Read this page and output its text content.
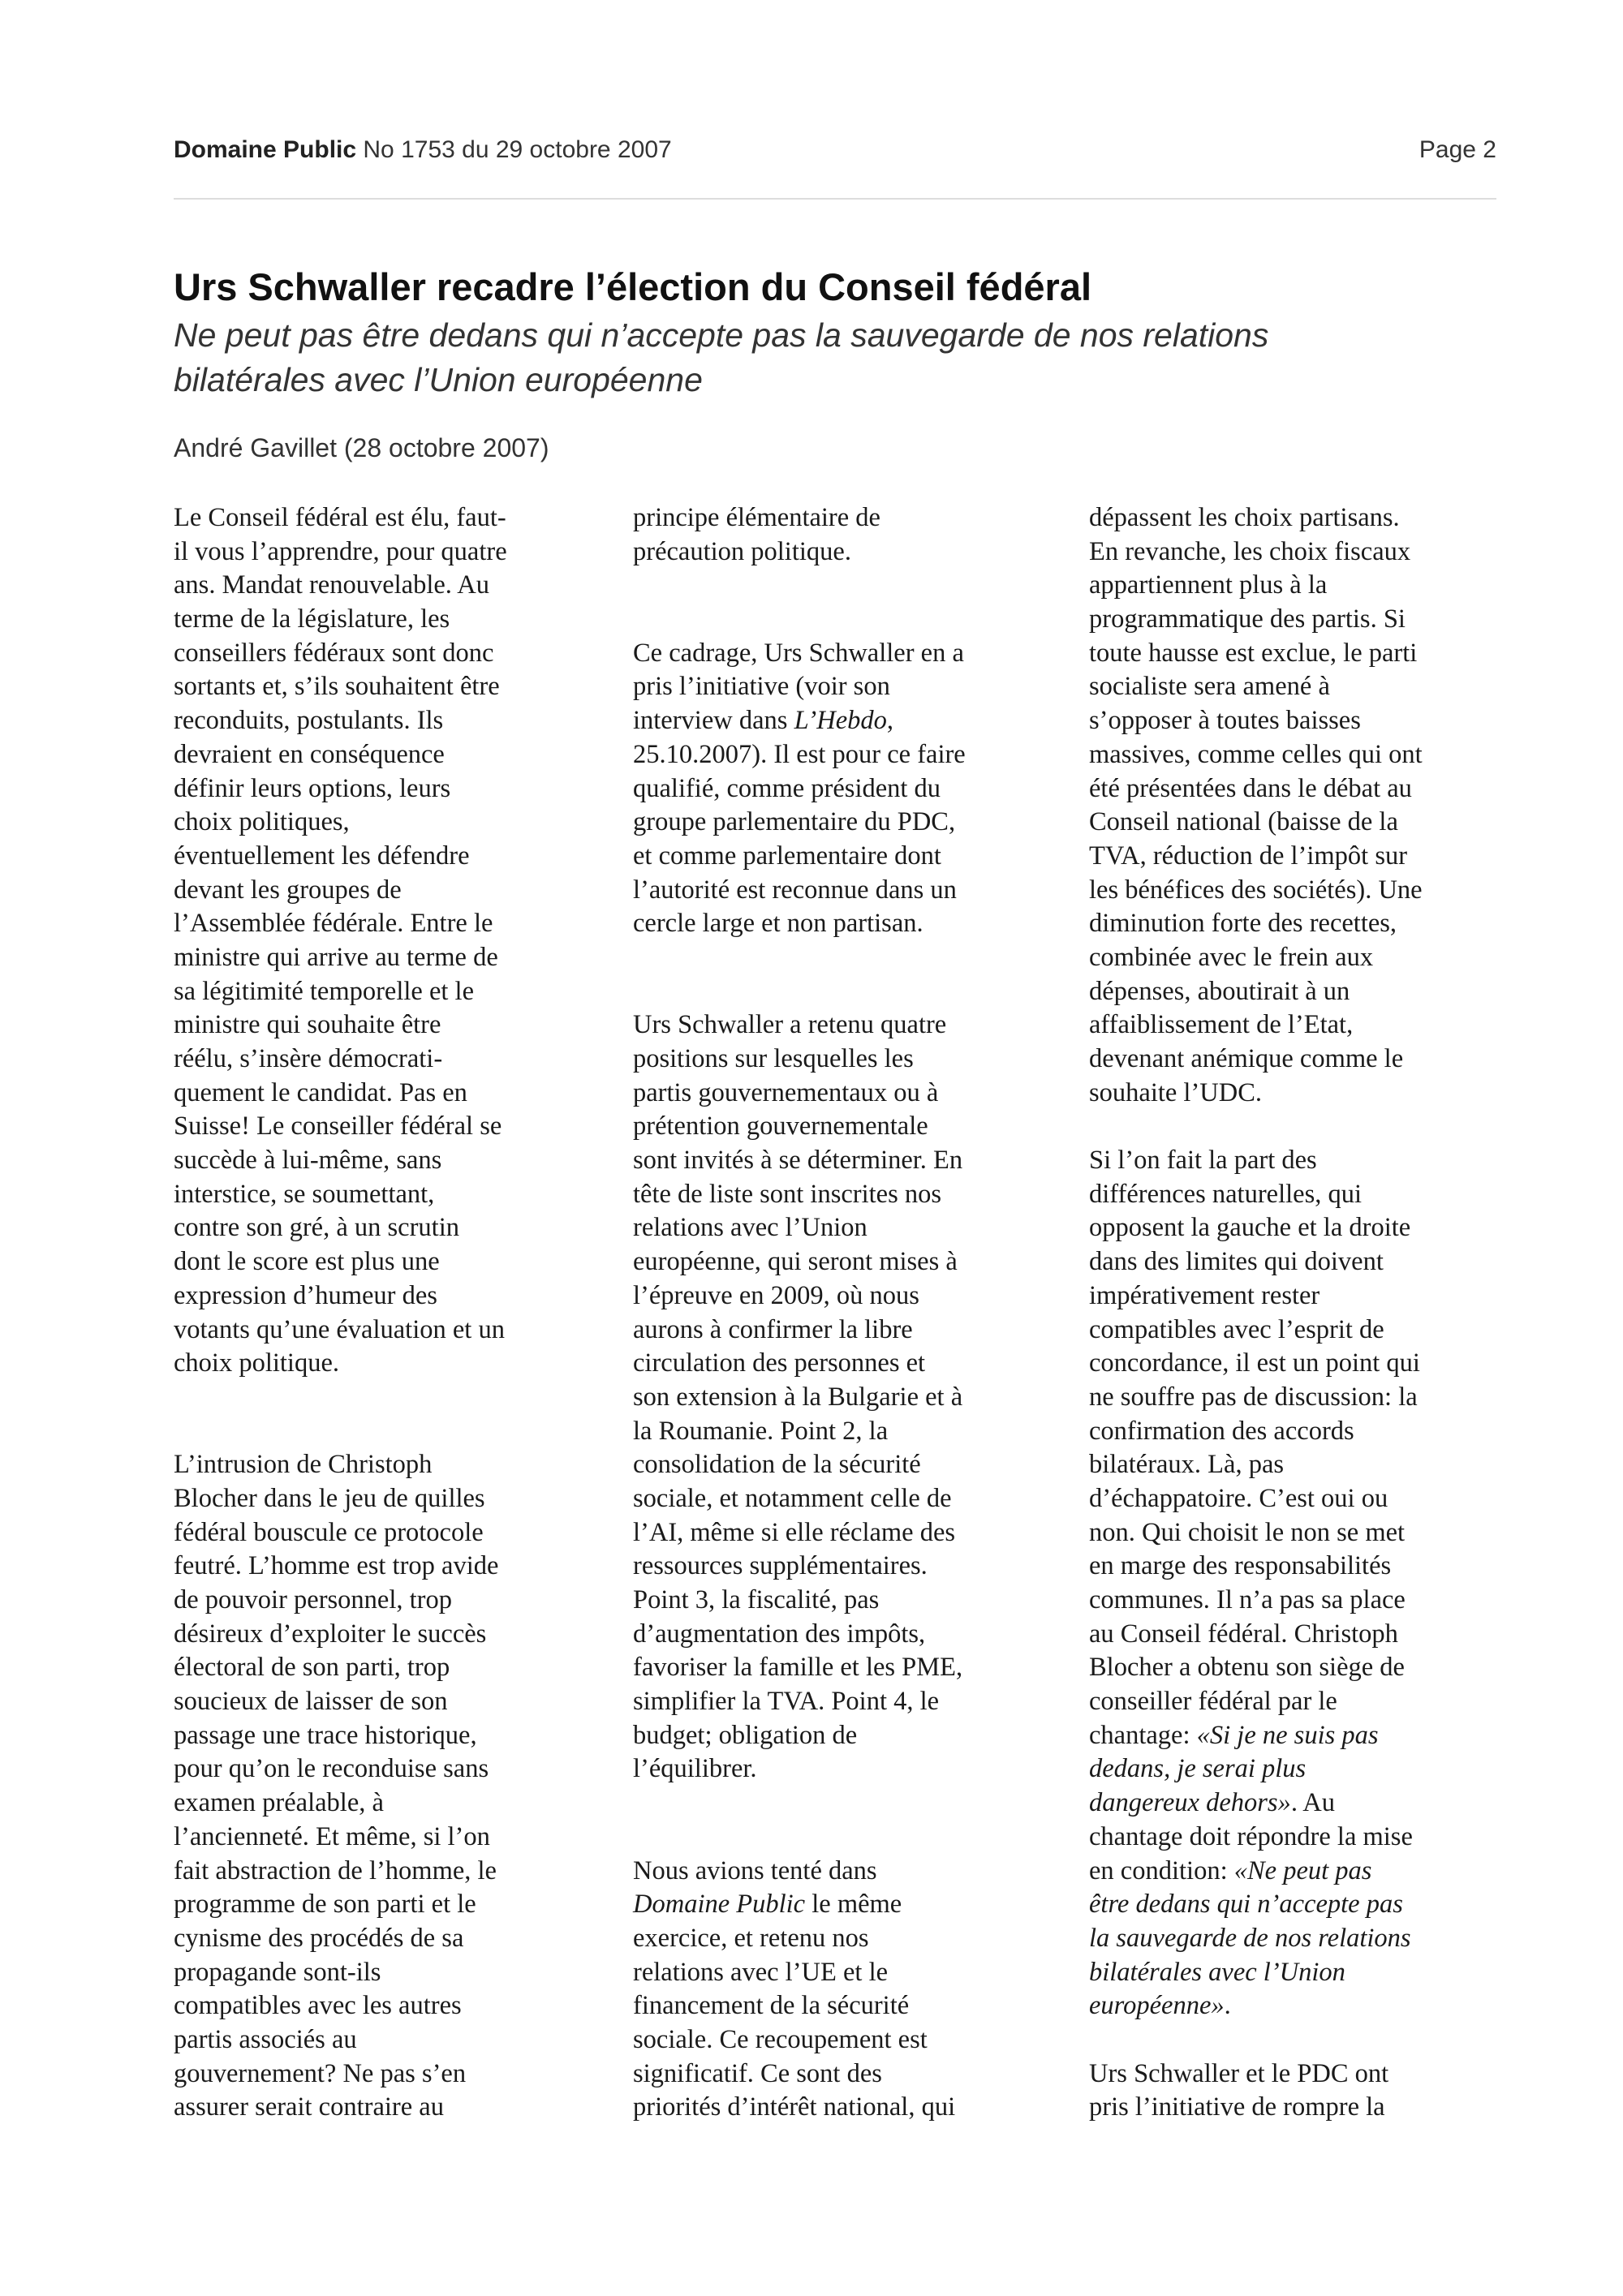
Domaine Public No 1753 du 29 octobre 2007	Page 2
Urs Schwaller recadre l’élection du Conseil fédéral

Ne peut pas être dedans qui n’accepte pas la sauvegarde de nos relations
bilatérales avec l’Union européenne

André Gavillet (28 octobre 2007)
Le Conseil fédéral est élu, faut-
il vous l’apprendre, pour quatre
ans. Mandat renouvelable. Au
terme de la législature, les
conseillers fédéraux sont donc
sortants et, s’ils souhaitent être
reconduits, postulants. Ils
devraient en conséquence
définir leurs options, leurs
choix politiques,
éventuellement les défendre
devant les groupes de
l’Assemblée fédérale. Entre le
ministre qui arrive au terme de
sa légitimité temporelle et le
ministre qui souhaite être
réélu, s’insère démocrati-
quement le candidat. Pas en
Suisse! Le conseiller fédéral se
succède à lui-même, sans
interstice, se soumettant,
contre son gré, à un scrutin
dont le score est plus une
expression d’humeur des
votants qu’une évaluation et un
choix politique.
L’intrusion de Christoph
Blocher dans le jeu de quilles
fédéral bouscule ce protocole
feutré. L’homme est trop avide
de pouvoir personnel, trop
désireux d’exploiter le succès
électoral de son parti, trop
soucieux de laisser de son
passage une trace historique,
pour qu’on le reconduise sans
examen préalable, à
l’ancienneté. Et même, si l’on
fait abstraction de l’homme, le
programme de son parti et le
cynisme des procédés de sa
propagande sont-ils
compatibles avec les autres
partis associés au
gouvernement? Ne pas s’en
assurer serait contraire au
principe élémentaire de
précaution politique.
Ce cadrage, Urs Schwaller en a
pris l’initiative (voir son
interview dans L’Hebdo,
25.10.2007). Il est pour ce faire
qualifié, comme président du
groupe parlementaire du PDC,
et comme parlementaire dont
l’autorité est reconnue dans un
cercle large et non partisan.
Urs Schwaller a retenu quatre
positions sur lesquelles les
partis gouvernementaux ou à
prétention gouvernementale
sont invités à se déterminer. En
tête de liste sont inscrites nos
relations avec l’Union
européenne, qui seront mises à
l’épreuve en 2009, où nous
aurons à confirmer la libre
circulation des personnes et
son extension à la Bulgarie et à
la Roumanie. Point 2, la
consolidation de la sécurité
sociale, et notamment celle de
l’AI, même si elle réclame des
ressources supplémentaires.
Point 3, la fiscalité, pas
d’augmentation des impôts,
favoriser la famille et les PME,
simplifier la TVA. Point 4, le
budget; obligation de
l’équilibrer.
Nous avions tenté dans
Domaine Public le même
exercice, et retenu nos
relations avec l’UE et le
financement de la sécurité
sociale. Ce recoupement est
significatif. Ce sont des
priorités d’intérêt national, qui
dépassent les choix partisans.
En revanche, les choix fiscaux
appartiennent plus à la
programmatique des partis. Si
toute hausse est exclue, le parti
socialiste sera amené à
s’opposer à toutes baisses
massives, comme celles qui ont
été présentées dans le débat au
Conseil national (baisse de la
TVA, réduction de l’impôt sur
les bénéfices des sociétés). Une
diminution forte des recettes,
combinée avec le frein aux
dépenses, aboutirait à un
affaiblissement de l’Etat,
devenant anémique comme le
souhaite l’UDC.
Si l’on fait la part des
différences naturelles, qui
opposent la gauche et la droite
dans des limites qui doivent
impérativement rester
compatibles avec l’esprit de
concordance, il est un point qui
ne souffre pas de discussion: la
confirmation des accords
bilatéraux. Là, pas
d’échappatoire. C’est oui ou
non. Qui choisit le non se met
en marge des responsabilités
communes. Il n’a pas sa place
au Conseil fédéral. Christoph
Blocher a obtenu son siège de
conseiller fédéral par le
chantage: «Si je ne suis pas
dedans, je serai plus
dangereux dehors». Au
chantage doit répondre la mise
en condition: «Ne peut pas
être dedans qui n’accepte pas
la sauvegarde de nos relations
bilatérales avec l’Union
européenne».
Urs Schwaller et le PDC ont
pris l’initiative de rompre la
